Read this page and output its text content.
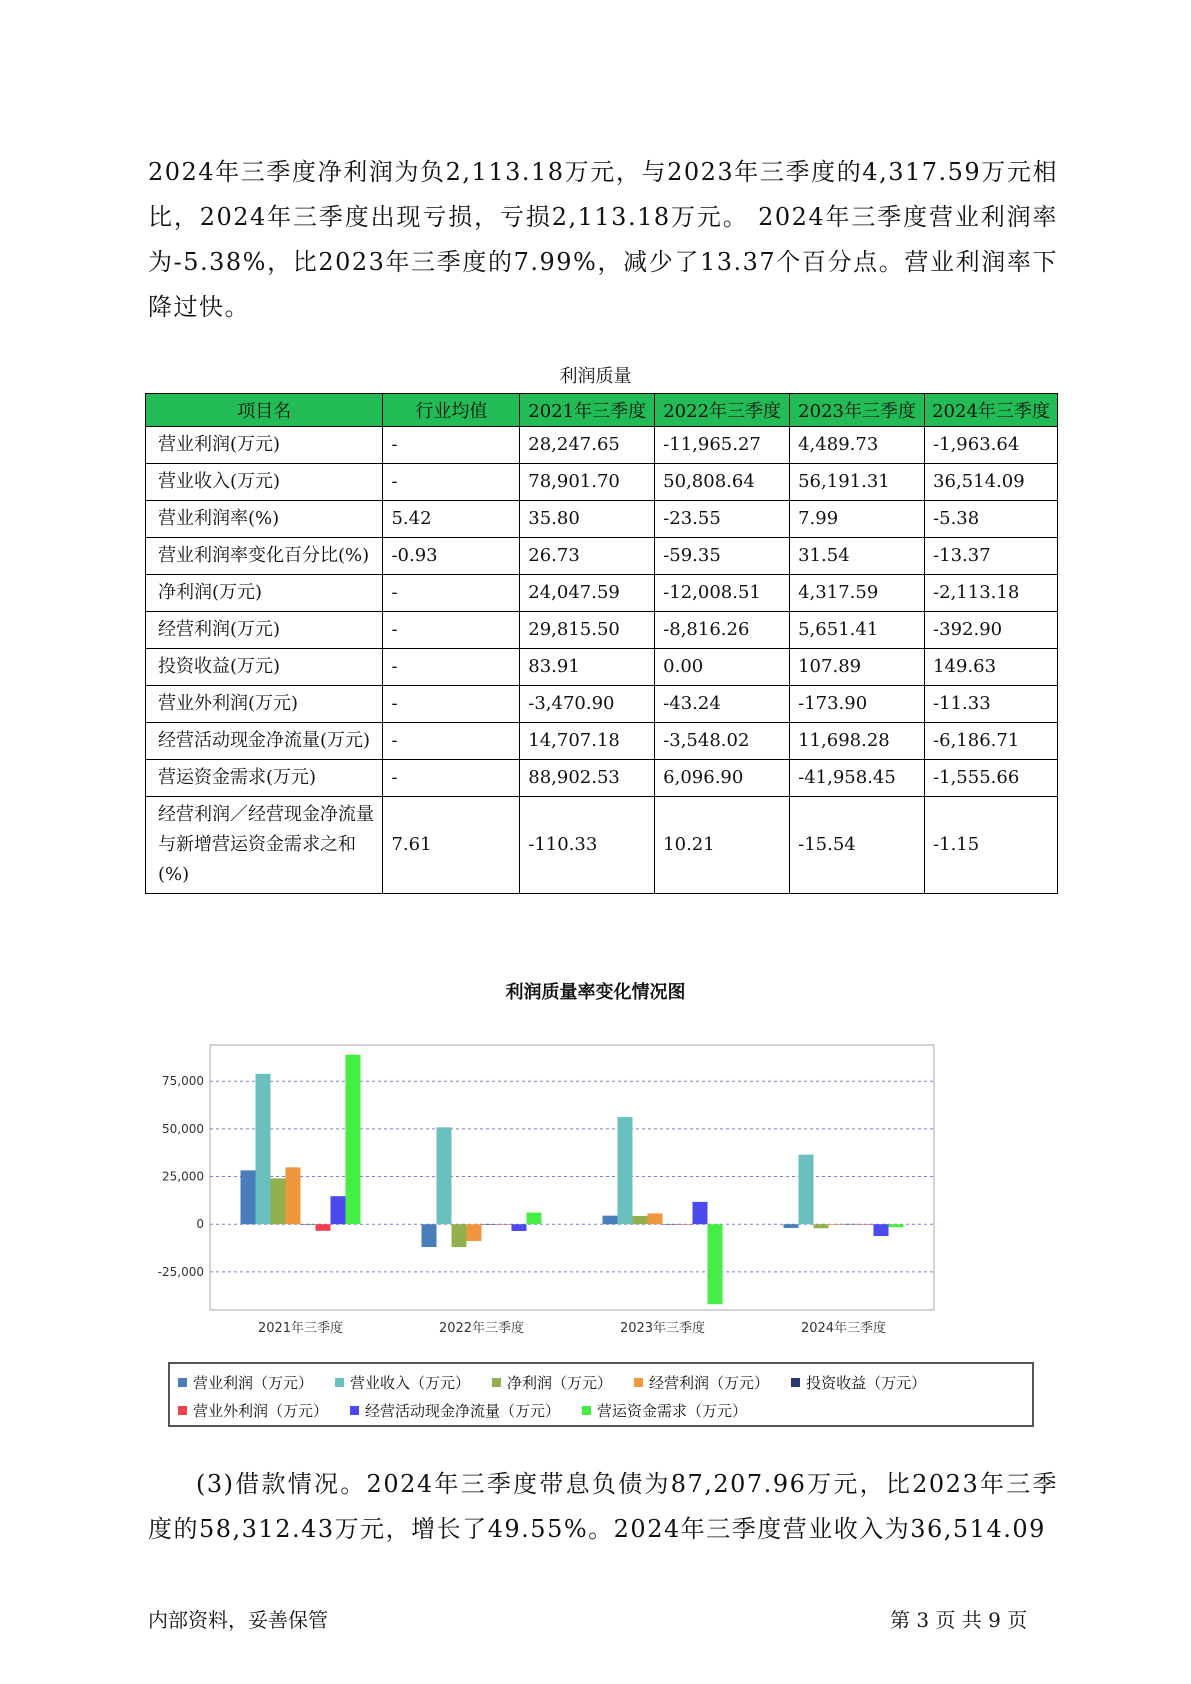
2024年三季度净利润为负2,113.18万元，与2023年三季度的4,317.59万元相比，2024年三季度出现亏损，亏损2,113.18万元。 2024年三季度营业利润率为-5.38%，比2023年三季度的7.99%，减少了13.37个百分点。营业利润率下降过快。

利润质量
项目名	行业均值	2021年三季度	2022年三季度	2023年三季度	2024年三季度
营业利润(万元)	-	28,247.65	-11,965.27	4,489.73	-1,963.64
营业收入(万元)	-	78,901.70	50,808.64	56,191.31	36,514.09
营业利润率(%)	5.42	35.80	-23.55	7.99	-5.38
营业利润率变化百分比(%)	-0.93	26.73	-59.35	31.54	-13.37
净利润(万元)	-	24,047.59	-12,008.51	4,317.59	-2,113.18
经营利润(万元)	-	29,815.50	-8,816.26	5,651.41	-392.90
投资收益(万元)	-	83.91	0.00	107.89	149.63
营业外利润(万元)	-	-3,470.90	-43.24	-173.90	-11.33
经营活动现金净流量(万元)	-	14,707.18	-3,548.02	11,698.28	-6,186.71
营运资金需求(万元)	-	88,902.53	6,096.90	-41,958.45	-1,555.66
经营利润／经营现金净流量与新增营运资金需求之和(%)	7.61	-110.33	10.21	-15.54	-1.15
利润质量率变化情况图
-25,000
0
25,000
50,000
75,000
2021年三季度	2022年三季度	2023年三季度	2024年三季度
营业利润（万元） 营业收入（万元） 净利润（万元） 经营利润（万元） 投资收益（万元）
营业外利润（万元） 经营活动现金净流量（万元） 营运资金需求（万元）

(3)借款情况。2024年三季度带息负债为87,207.96万元，比2023年三季度的58,312.43万元，增长了49.55%。2024年三季度营业收入为36,514.09

内部资料，妥善保管	第 3 页 共 9 页
